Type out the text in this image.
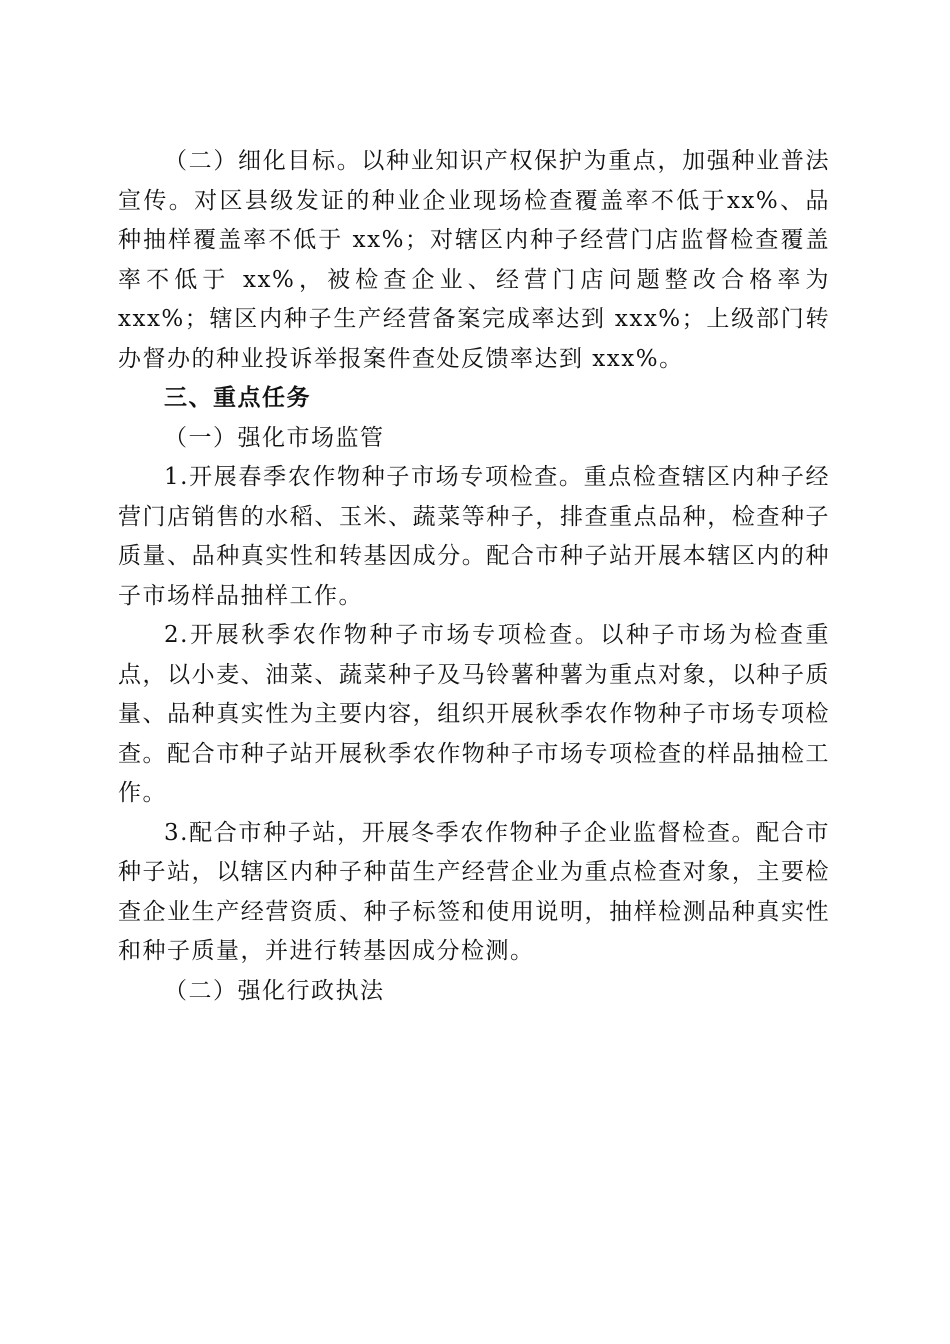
（二）细化目标。以种业知识产权保护为重点，加强种业普法宣传。对区县级发证的种业企业现场检查覆盖率不低于xx%、品种抽样覆盖率不低于 xx%；对辖区内种子经营门店监督检查覆盖率不低于 xx%，被检查企业、经营门店问题整改合格率为 xxx%；辖区内种子生产经营备案完成率达到 xxx%；上级部门转办督办的种业投诉举报案件查处反馈率达到 xxx%。

三、重点任务

（一）强化市场监管

1.开展春季农作物种子市场专项检查。重点检查辖区内种子经营门店销售的水稻、玉米、蔬菜等种子，排查重点品种，检查种子质量、品种真实性和转基因成分。配合市种子站开展本辖区内的种子市场样品抽样工作。

2.开展秋季农作物种子市场专项检查。以种子市场为检查重点，以小麦、油菜、蔬菜种子及马铃薯种薯为重点对象，以种子质量、品种真实性为主要内容，组织开展秋季农作物种子市场专项检查。配合市种子站开展秋季农作物种子市场专项检查的样品抽检工作。

3.配合市种子站，开展冬季农作物种子企业监督检查。配合市种子站，以辖区内种子种苗生产经营企业为重点检查对象，主要检查企业生产经营资质、种子标签和使用说明，抽样检测品种真实性和种子质量，并进行转基因成分检测。

（二）强化行政执法
